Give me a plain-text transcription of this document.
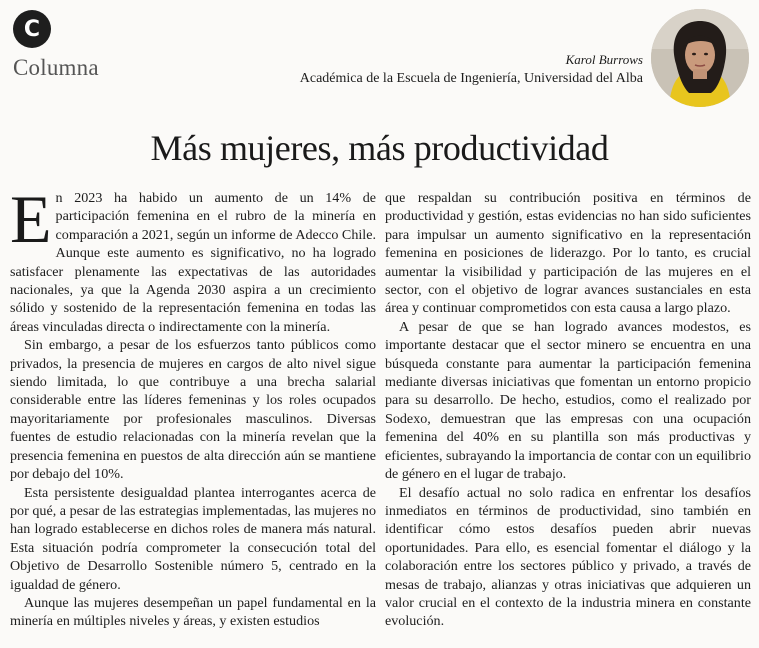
C
Columna	Karol Burrows
Académica de la Escuela de Ingeniería, Universidad del Alba
Más mujeres, más productividad

En 2023 ha habido un aumento de un 14% de participación femenina en el rubro de la minería en comparación a 2021, según un informe de Adecco Chile. Aunque este aumento es significativo, no ha logrado satisfacer plenamente las expectativas de las autoridades nacionales, ya que la Agenda 2030 aspira a un crecimiento sólido y sostenido de la representación femenina en todas las áreas vinculadas directa o indirectamente con la minería.

Sin embargo, a pesar de los esfuerzos tanto públicos como privados, la presencia de mujeres en cargos de alto nivel sigue siendo limitada, lo que contribuye a una brecha salarial considerable entre las líderes femeninas y los roles ocupados mayoritariamente por profesionales masculinos. Diversas fuentes de estudio relacionadas con la minería revelan que la presencia femenina en puestos de alta dirección aún se mantiene por debajo del 10%.

Esta persistente desigualdad plantea interrogantes acerca de por qué, a pesar de las estrategias implementadas, las mujeres no han logrado establecerse en dichos roles de manera más natural. Esta situación podría comprometer la consecución total del Objetivo de Desarrollo Sostenible número 5, centrado en la igualdad de género.

Aunque las mujeres desempeñan un papel fundamental en la minería en múltiples niveles y áreas, y existen estudios

que respaldan su contribución positiva en términos de productividad y gestión, estas evidencias no han sido suficientes para impulsar un aumento significativo en la representación femenina en posiciones de liderazgo. Por lo tanto, es crucial aumentar la visibilidad y participación de las mujeres en el sector, con el objetivo de lograr avances sustanciales en esta área y continuar comprometidos con esta causa a largo plazo.

A pesar de que se han logrado avances modestos, es importante destacar que el sector minero se encuentra en una búsqueda constante para aumentar la participación femenina mediante diversas iniciativas que fomentan un entorno propicio para su desarrollo. De hecho, estudios, como el realizado por Sodexo, demuestran que las empresas con una ocupación femenina del 40% en su plantilla son más productivas y eficientes, subrayando la importancia de contar con un equilibrio de género en el lugar de trabajo.

El desafío actual no solo radica en enfrentar los desafíos inmediatos en términos de productividad, sino también en identificar cómo estos desafíos pueden abrir nuevas oportunidades. Para ello, es esencial fomentar el diálogo y la colaboración entre los sectores público y privado, a través de mesas de trabajo, alianzas y otras iniciativas que adquieren un valor crucial en el contexto de la industria minera en constante evolución.
